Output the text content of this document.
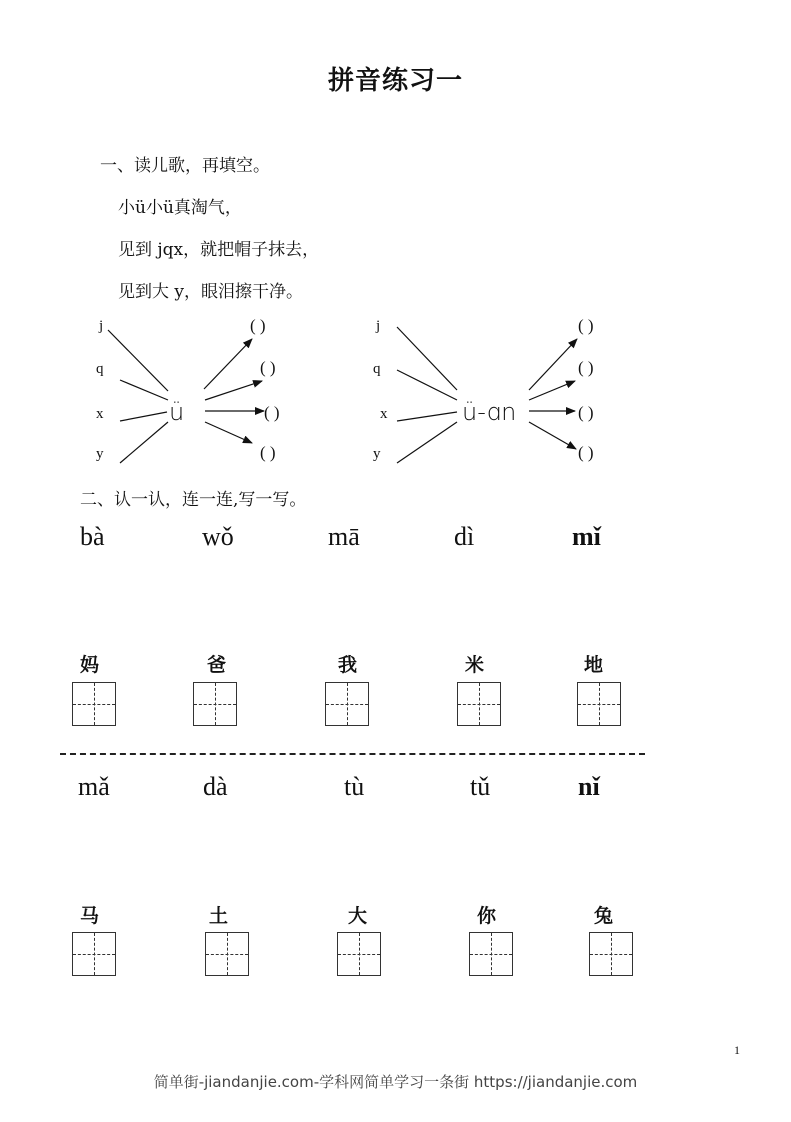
拼音练习一
一、读儿歌，再填空。
小ü小ü真淘气，
见到 jqx，就把帽子抹去，
见到大 y，眼泪擦干净。
j
q
x
y
ü
( )
( )
( )
( )
j
q
x
y
ü-ɑn
( )
( )
( )
( )
二、认一认，连一连,写一写。
bà	wǒ	mā	dì	mǐ
妈	爸	我	米	地
mǎ	dà	tù	tǔ	nǐ
马	土	大	你	兔
1
简单街-jiandanjie.com-学科网简单学习一条街 https://jiandanjie.com
